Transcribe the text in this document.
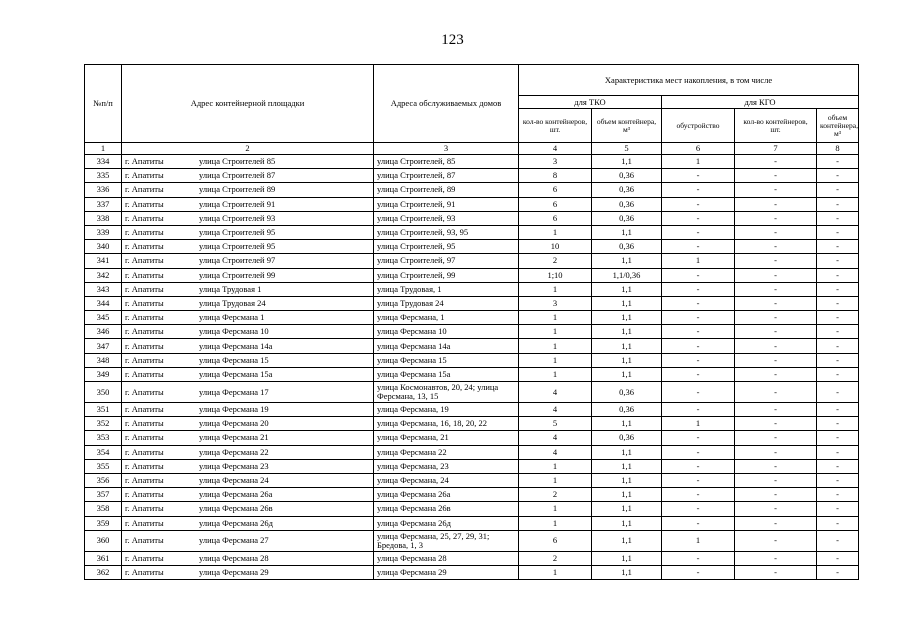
123
№п/п	Адрес контейнерной площадки	Адреса обслуживаемых домов	Характеристика мест накопления, в том числе				
			для ТКО		для КГО		
			кол-во контейнеров, шт.	объем контейнера, м³	обустройство	кол-во контейнеров, шт.	объем контейнера, м³
1	2	3	4	5	6	7	8
334	г. Апатиты улица Строителей 85	улица Строителей, 85	3	1,1	1	-	-
335	г. Апатиты улица Строителей 87	улица Строителей, 87	8	0,36	-	-	-
336	г. Апатиты улица Строителей 89	улица Строителей, 89	6	0,36	-	-	-
337	г. Апатиты улица Строителей 91	улица Строителей, 91	6	0,36	-	-	-
338	г. Апатиты улица Строителей 93	улица Строителей, 93	6	0,36	-	-	-
339	г. Апатиты улица Строителей 95	улица Строителей, 93, 95	1	1,1	-	-	-
340	г. Апатиты улица Строителей 95	улица Строителей, 95	10	0,36	-	-	-
341	г. Апатиты улица Строителей 97	улица Строителей, 97	2	1,1	1	-	-
342	г. Апатиты улица Строителей 99	улица Строителей, 99	1;10	1,1/0,36	-	-	-
343	г. Апатиты улица Трудовая 1	улица Трудовая, 1	1	1,1	-	-	-
344	г. Апатиты улица Трудовая 24	улица Трудовая 24	3	1,1	-	-	-
345	г. Апатиты улица Ферсмана 1	улица Ферсмана, 1	1	1,1	-	-	-
346	г. Апатиты улица Ферсмана 10	улица Ферсмана 10	1	1,1	-	-	-
347	г. Апатиты улица Ферсмана 14а	улица Ферсмана 14а	1	1,1	-	-	-
348	г. Апатиты улица Ферсмана 15	улица Ферсмана 15	1	1,1	-	-	-
349	г. Апатиты улица Ферсмана 15а	улица Ферсмана 15а	1	1,1	-	-	-
350	г. Апатиты улица Ферсмана 17	улица Космонавтов, 20, 24; улица Ферсмана, 13, 15	4	0,36	-	-	-
351	г. Апатиты улица Ферсмана 19	улица Ферсмана, 19	4	0,36	-	-	-
352	г. Апатиты улица Ферсмана 20	улица Ферсмана, 16, 18, 20, 22	5	1,1	1	-	-
353	г. Апатиты улица Ферсмана 21	улица Ферсмана, 21	4	0,36	-	-	-
354	г. Апатиты улица Ферсмана 22	улица Ферсмана 22	4	1,1	-	-	-
355	г. Апатиты улица Ферсмана 23	улица Ферсмана, 23	1	1,1	-	-	-
356	г. Апатиты улица Ферсмана 24	улица Ферсмана, 24	1	1,1	-	-	-
357	г. Апатиты улица Ферсмана 26а	улица Ферсмана 26а	2	1,1	-	-	-
358	г. Апатиты улица Ферсмана 26в	улица Ферсмана 26в	1	1,1	-	-	-
359	г. Апатиты улица Ферсмана 26д	улица Ферсмана 26д	1	1,1	-	-	-
360	г. Апатиты улица Ферсмана 27	улица Ферсмана, 25, 27, 29, 31; Бредова, 1, 3	6	1,1	1	-	-
361	г. Апатиты улица Ферсмана 28	улица Ферсмана 28	2	1,1	-	-	-
362	г. Апатиты улица Ферсмана 29	улица Ферсмана 29	1	1,1	-	-	-
